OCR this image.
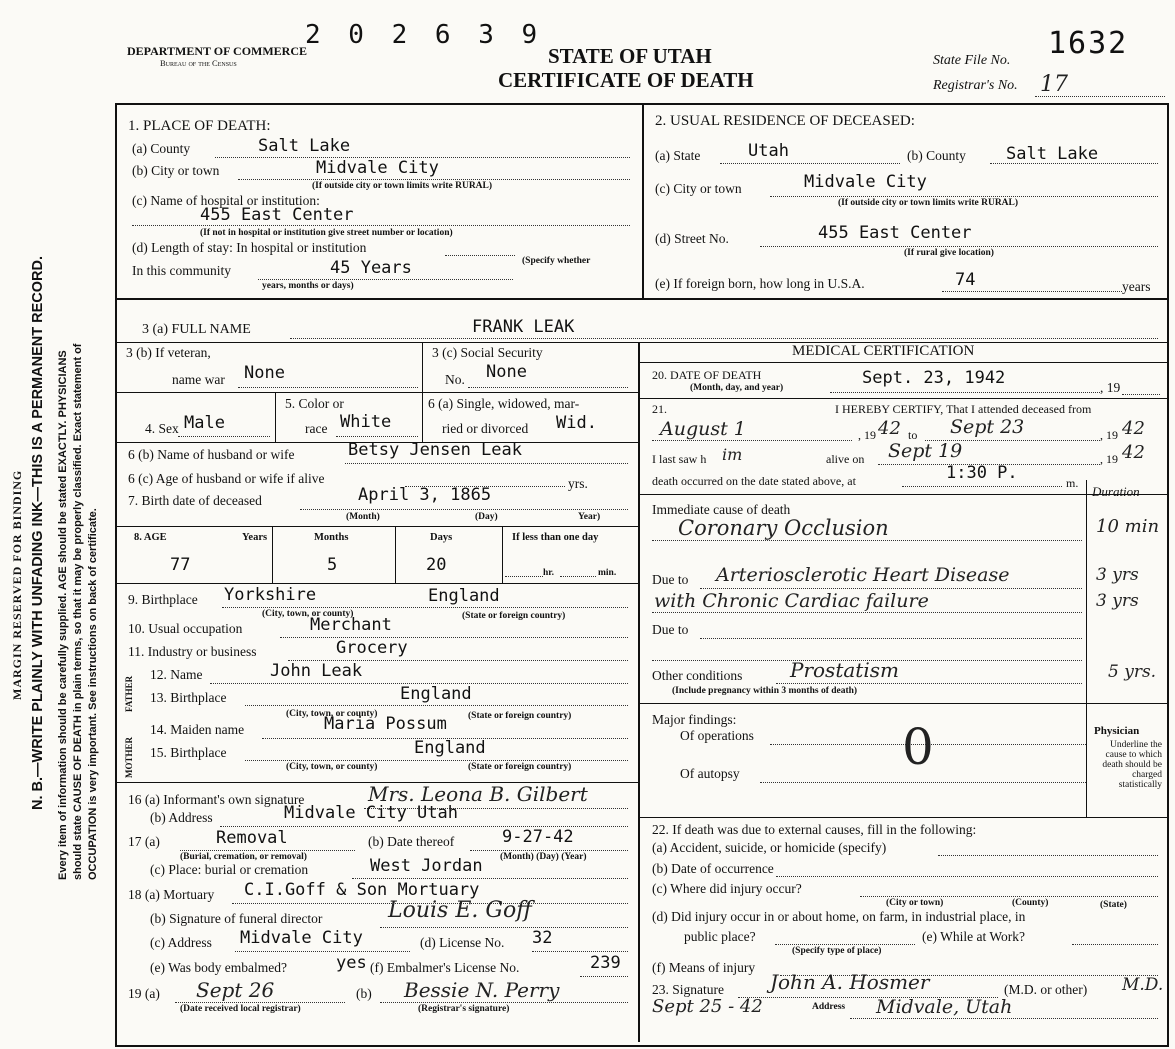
MARGIN RESERVED FOR BINDING N. B.—WRITE PLAINLY WITH UNFADING INK—THIS IS A PERMANENT RECORD. Every item of information should be carefully supplied. AGE should be stated EXACTLY. PHYSICIANS should state CAUSE OF DEATH in plain terms, so that it may be properly classified. Exact statement of OCCUPATION is very important. See instructions on back of certificate.
2 0 2 6 3 9
DEPARTMENT OF COMMERCE
Bureau of the Census	STATE OF UTAH
CERTIFICATE OF DEATH
State File No. 1632
Registrar's No. 17
1. PLACE OF DEATH:
(a) County	Salt Lake
(b) City or town	Midvale City
(If outside city or town limits write RURAL)
(c) Name of hospital or institution:
455 East Center
(If not in hospital or institution give street number or location)
(d) Length of stay: In hospital or institution
In this community	45 Years	(Specify whether
years, months or days)
2. USUAL RESIDENCE OF DECEASED:
(a) State	Utah	(b) County Salt Lake
(c) City or town	Midvale City
(If outside city or town limits write RURAL)
(d) Street No.	455 East Center
(If rural give location)
(e) If foreign born, how long in U.S.A.	74	years
3 (a) FULL NAME	FRANK LEAK
3 (b) If veteran,
name war None
3 (c) Social Security
No. None
4. Sex Male
5. Color or
race White
6 (a) Single, widowed, mar-
ried or divorced Wid.
6 (b) Name of husband or wife	Betsy Jensen Leak
6 (c) Age of husband or wife if alive	yrs.
7. Birth date of deceased	April 3, 1865
(Month)	(Day)	Year)
8. AGE	Years	Months	Days	If less than one day
77	5	20	hr.	min.
9. Birthplace Yorkshire	England
(City, town, or county)	(State or foreign country)
10. Usual occupation	Merchant
11. Industry or business	Grocery
FATHER
MOTHER
12. Name	John Leak
13. Birthplace	England
(City, town, or county)	(State or foreign country)
14. Maiden name	Maria Possum
15. Birthplace	England
(City, town, or county)	(State or foreign country)
16 (a) Informant's own signature	Mrs. Leona B. Gilbert
(b) Address	Midvale City Utah
17 (a)	Removal
(Burial, cremation, or removal)
(b) Date thereof	9-27-42
(Month) (Day) (Year)
(c) Place: burial or cremation	West Jordan
18 (a) Mortuary C.I.Goff & Son Mortuary
(b) Signature of funeral director	Louis E. Goff
(c) Address Midvale City	(d) License No. 32
(e) Was body embalmed?	yes (f) Embalmer's License No.	239
19 (a) Sept 26
(Date received local registrar)
(b) Bessie N. Perry
(Registrar's signature)
MEDICAL CERTIFICATION
20. DATE OF DEATH
(Month, day, and year)	Sept. 23, 1942	, 19
21.	I HEREBY CERTIFY, That I attended deceased from
August 1	, 19 42 to Sept 23	, 19 42
I last saw h im	alive on Sept 19	, 19 42
death occurred on the date stated above, at	1:30 P.	m.
Duration
Immediate cause of death
Coronary Occlusion	10 min
Due to Arteriosclerotic Heart Disease	3 yrs
with Chronic Cardiac failure	3 yrs
Due to
Other conditions Prostatism	5 yrs.
(Include pregnancy within 3 months of death)
Major findings:
Of operations
Of autopsy	0	Physician
Underline the cause to which death should be charged statistically
22. If death was due to external causes, fill in the following:
(a) Accident, suicide, or homicide (specify)
(b) Date of occurrence
(c) Where did injury occur?
(City or town)	(County)	(State)
(d) Did injury occur in or about home, on farm, in industrial place, in
public place?	(e) While at Work?
(Specify type of place)
(f) Means of injury
23. Signature John A. Hosmer	(M.D. or other) M.D.
Sept 25 - 42	Address Midvale, Utah
